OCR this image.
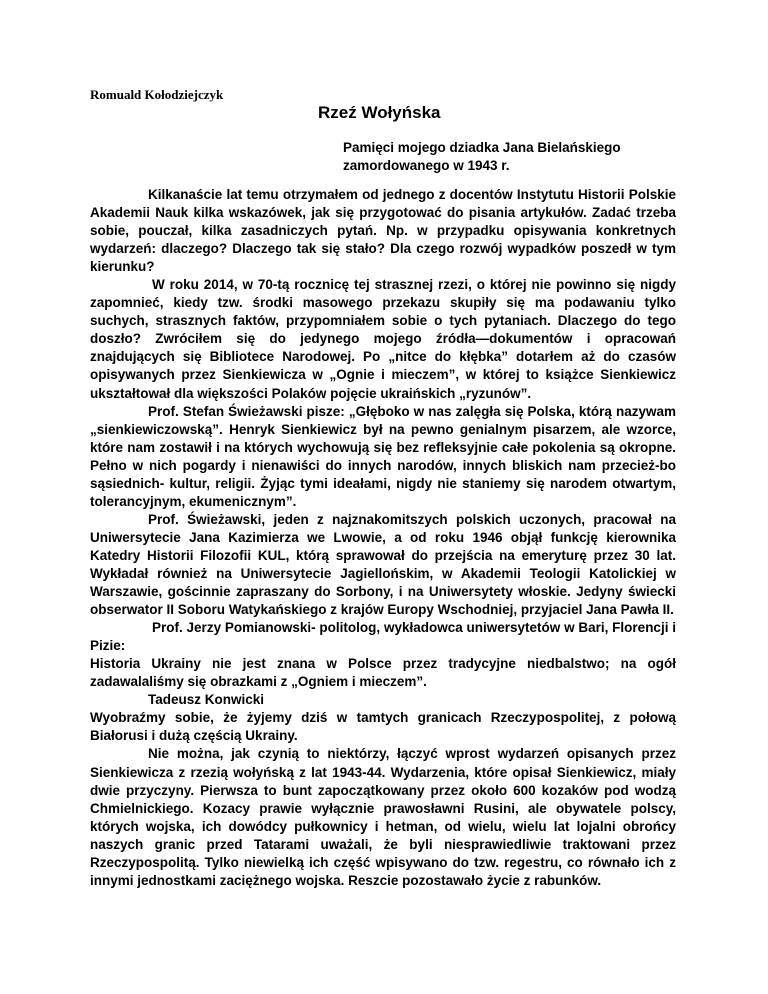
Romuald Kołodziejczyk
Rzeź Wołyńska
Pamięci mojego dziadka Jana Bielańskiego
zamordowanego w 1943 r.

Kilkanaście lat temu otrzymałem od jednego z docentów Instytutu Historii Polskie Akademii Nauk kilka wskazówek, jak się przygotować do pisania artykułów. Zadać trzeba sobie, pouczał, kilka zasadniczych pytań. Np. w przypadku opisywania konkretnych wydarzeń: dlaczego? Dlaczego tak się stało? Dla czego rozwój wypadków poszedł w tym kierunku?

W roku 2014, w 70-tą rocznicę tej strasznej rzezi, o której nie powinno się nigdy zapomnieć, kiedy tzw. środki masowego przekazu skupiły się ma podawaniu tylko suchych, strasznych faktów, przypomniałem sobie o tych pytaniach. Dlaczego do tego doszło? Zwróciłem się do jedynego mojego źródła—dokumentów i opracowań znajdujących się Bibliotece Narodowej. Po „nitce do kłębka” dotarłem aż do czasów opisywanych przez Sienkiewicza w „Ognie i mieczem”, w której to książce Sienkiewicz ukształtował dla większości Polaków pojęcie ukraińskich „ryzunów”.

Prof. Stefan Świeżawski pisze: „Głęboko w nas zalęgła się Polska, którą nazywam „sienkiewiczowską”. Henryk Sienkiewicz był na pewno genialnym pisarzem, ale wzorce, które nam zostawił i na których wychowują się bez refleksyjnie całe pokolenia są okropne. Pełno w nich pogardy i nienawiści do innych narodów, innych bliskich nam przecież-bo sąsiednich- kultur, religii. Żyjąc tymi ideałami, nigdy nie staniemy się narodem otwartym, tolerancyjnym, ekumenicznym”.

Prof. Świeżawski, jeden z najznakomitszych polskich uczonych, pracował na Uniwersytecie Jana Kazimierza we Lwowie, a od roku 1946 objął funkcję kierownika Katedry Historii Filozofii KUL, którą sprawował do przejścia na emeryturę przez 30 lat. Wykładał również na Uniwersytecie Jagiellońskim, w Akademii Teologii Katolickiej w Warszawie, gościnnie zapraszany do Sorbony, i na Uniwersytety włoskie. Jedyny świecki obserwator II Soboru Watykańskiego z krajów Europy Wschodniej, przyjaciel Jana Pawła II.

Prof. Jerzy Pomianowski- politolog, wykładowca uniwersytetów w Bari, Florencji i Pizie:

Historia Ukrainy nie jest znana w Polsce przez tradycyjne niedbalstwo; na ogół zadawalaliśmy się obrazkami z „Ogniem i mieczem”.

Tadeusz Konwicki

Wyobraźmy sobie, że żyjemy dziś w tamtych granicach Rzeczypospolitej, z połową Białorusi i dużą częścią Ukrainy.

Nie można, jak czynią to niektórzy, łączyć wprost wydarzeń opisanych przez Sienkiewicza z rzezią wołyńską z lat 1943-44. Wydarzenia, które opisał Sienkiewicz, miały dwie przyczyny. Pierwsza to bunt zapoczątkowany przez około 600 kozaków pod wodzą Chmielnickiego. Kozacy prawie wyłącznie prawosławni Rusini, ale obywatele polscy, których wojska, ich dowódcy pułkownicy i hetman, od wielu, wielu lat lojalni obrońcy naszych granic przed Tatarami uważali, że byli niesprawiedliwie traktowani przez Rzeczypospolitą. Tylko niewielką ich część wpisywano do tzw. regestru, co równało ich z innymi jednostkami zaciężnego wojska. Reszcie pozostawało życie z rabunków.
